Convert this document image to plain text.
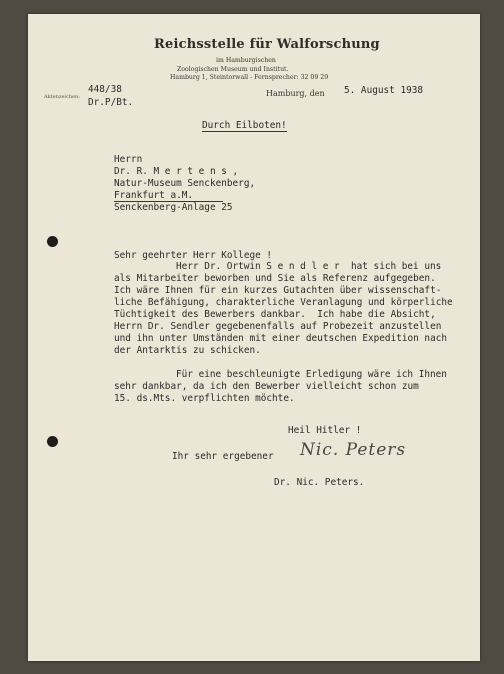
Reichsstelle für Walforschung
im Hamburgischen
Zoologischen Museum und Institut.
Hamburg 1, Steintorwall - Fernsprecher: 32 09 29
Aktenzeichen:
448/38
Dr.P/Bt.
Hamburg, den 5. August 1938
Durch Eilboten!
Herrn
Dr. R. M e r t e n s ,
Natur-Museum Senckenberg,
Frankfurt a.M.
Senckenberg-Anlage 25
Sehr geehrter Herr Kollege !
Herr Dr. Ortwin S e n d l e r  hat sich bei uns
als Mitarbeiter beworben und Sie als Referenz aufgegeben.
Ich wäre Ihnen für ein kurzes Gutachten über wissenschaft-
liche Befähigung, charakterliche Veranlagung und körperliche
Tüchtigkeit des Bewerbers dankbar.  Ich habe die Absicht,
Herrn Dr. Sendler gegebenenfalls auf Probezeit anzustellen
und ihn unter Umständen mit einer deutschen Expedition nach
der Antarktis zu schicken.
Für eine beschleunigte Erledigung wäre ich Ihnen
sehr dankbar, da ich den Bewerber vielleicht schon zum
15. ds.Mts. verpflichten möchte.
Heil Hitler !
Ihr sehr ergebener Nic. Peters
Dr. Nic. Peters.
